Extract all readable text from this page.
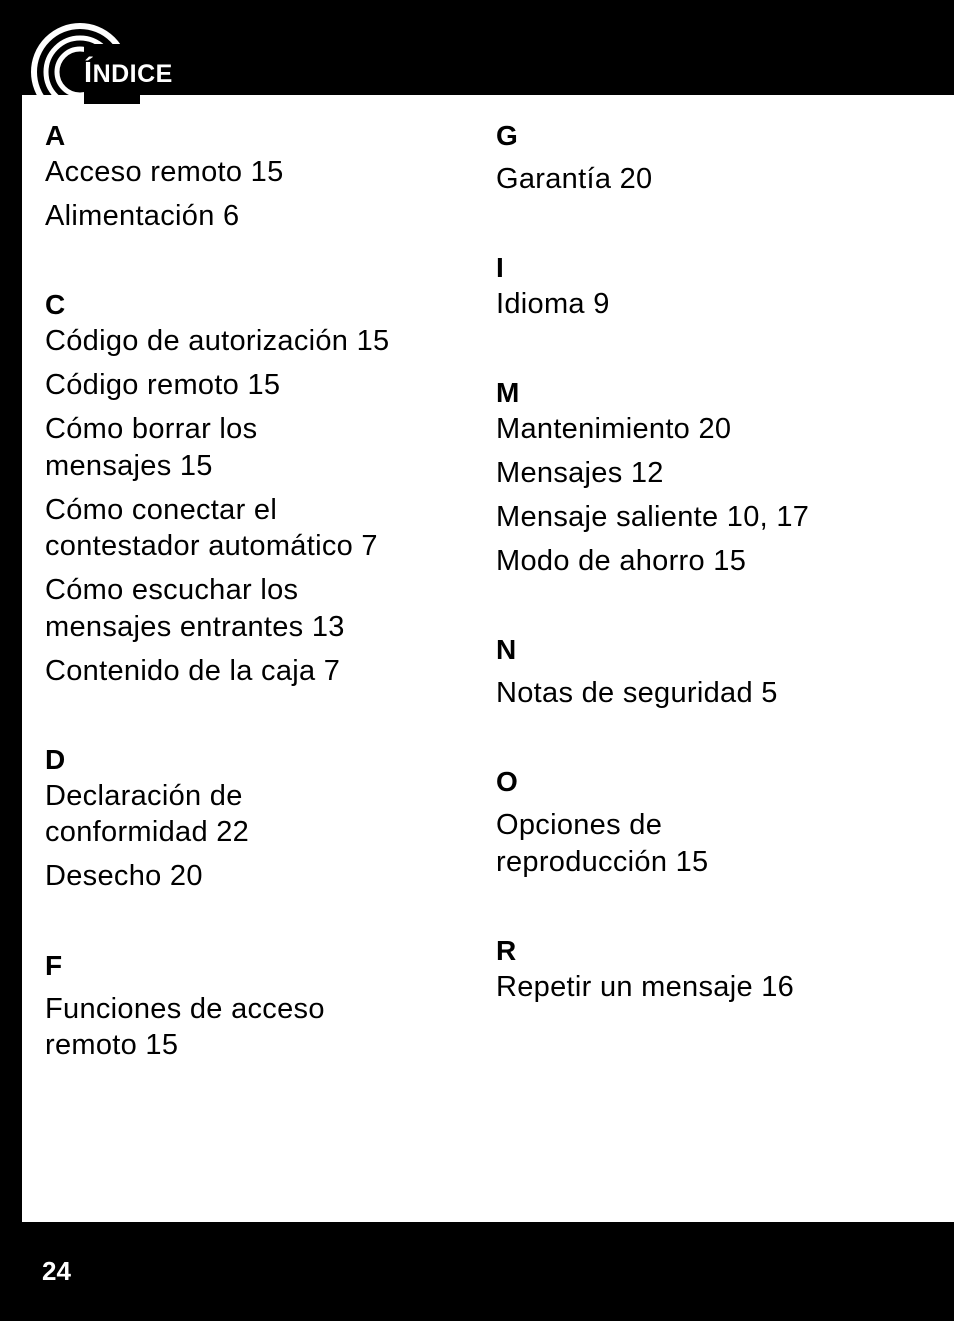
ÍNDICE

A

Acceso remoto 15

Alimentación 6

C

Código de autorización 15

Código remoto 15

Cómo borrar los

mensajes 15

Cómo conectar el

contestador automático 7

Cómo escuchar los

mensajes entrantes 13

Contenido de la caja 7

D

Declaración de

conformidad 22

Desecho 20

F

Funciones de acceso

remoto 15

G

Garantía 20

I

Idioma 9

M

Mantenimiento 20

Mensajes 12

Mensaje saliente 10, 17

Modo de ahorro 15

N

Notas de seguridad 5

O

Opciones de

reproducción 15

R

Repetir un mensaje 16

24
